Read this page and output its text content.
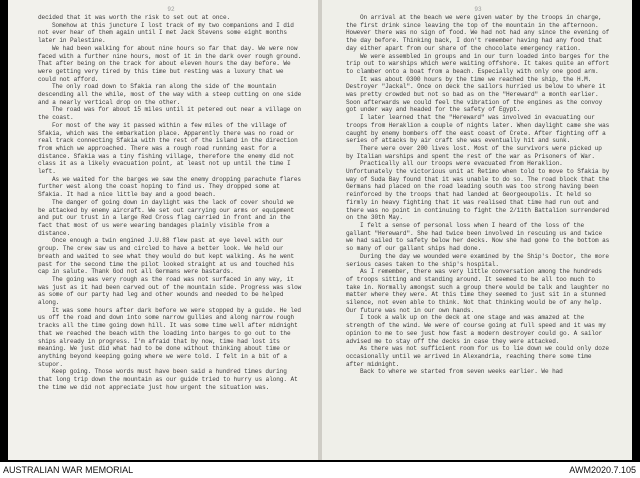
92

decided that it was worth the risk to set out at once.

Somehow at this juncture I lost track of my two companions and I did not ever hear of them again until I met Jack Stevens some eight months later in Palestine.

We had been walking for about nine hours so far that day. We were now faced with a further nine hours, most of it in the dark over rough ground. That after being on the track for about eleven hours the day before. We were getting very tired by this time but resting was a luxury that we could not afford.

The only road down to Sfakia ran along the side of the mountain descending all the while, most of the way with a steep cutting on one side and a nearly vertical drop on the other.

The road was for about 15 miles until it petered out near a village on the coast.

For most of the way it passed within a few miles of the village of Sfakia, which was the embarkation place. Apparently there was no road or real track connecting Sfakia with the rest of the island in the direction from which we approached. There was a rough road running east for a distance. Sfakia was a tiny fishing village, therefore the enemy did not class it as a likely evacuation point, at least not up until the time I left.

As we waited for the barges we saw the enemy dropping parachute flares further west along the coast hoping to find us. They dropped some at Sfakia. It had a nice little bay and a good beach.

The danger of going down in daylight was the lack of cover should we be attacked by enemy aircraft. We set out carrying our arms or equipment and put our trust in a large Red Cross flag carried in front and in the fact that most of us were wearing bandages plainly visible from a distance.

Once enough a twin engined J.U.88 flew past at eye level with our group. The crew saw us and circled to have a better look. We held our breath and waited to see what they would do but kept walking. As he went past for the second time the pilot looked straight at us and touched his cap in salute. Thank God not all Germans were bastards.

The going was very rough as the road was not surfaced in any way, it was just as it had been carved out of the mountain side. Progress was slow as some of our party had leg and other wounds and needed to be helped along.

It was some hours after dark before we were stopped by a guide. He led us off the road and down into some narrow gullies and along narrow rough tracks all the time going down hill. It was some time well after midnight that we reached the beach with the loading into barges to go out to the ships already in progress. I'm afraid that by now, time had lost its meaning. We just did what had to be done without thinking about time or anything beyond keeping going where we were told. I felt in a bit of a stupor.

Keep going. Those words must have been said a hundred times during that long trip down the mountain as our guide tried to hurry us along. At the time we did not appreciate just how urgent the situation was.

93

On arrival at the beach we were given water by the troops in charge, the first drink since leaving the top of the mountain in the afternoon. However there was no sign of food. We had not had any since the evening of the day before. Thinking back, I don't remember having had any food that day either apart from our share of the chocolate emergency ration.

We were assembled in groups and in our turn loaded into barges for the trip out to warships which were waiting offshore. It takes quite an effort to clamber onto a boat from a beach. Especially with only one good arm.

It was about 0300 hours by the time we reached the ship, the H.M. Destroyer "Jackal". Once on deck the sailors hurried us below to where it was pretty crowded but not so bad as on the "Hereward" a month earlier. Soon afterwards we could feel the vibration of the engines as the convoy got under way and headed for the safety of Egypt.

I later learned that the "Hereward" was involved in evacuating our troops from Heraklion a couple of nights later. When daylight came she was caught by enemy bombers off the east coast of Crete. After fighting off a series of attacks by air craft she was eventually hit and sunk.

There were over 200 lives lost. Most of the survivors were picked up by Italian warships and spent the rest of the war as Prisoners of War.

Practically all our troops were evacuated from Heraklion. Unfortunately the victorious unit at Retimo when told to move to Sfakia by way of Suda Bay found that it was unable to do so. The road block that the Germans had placed on the road leading south was too strong having been reinforced by the troops that had landed at Georgeoupolis. It held so firmly in heavy fighting that it was realised that time had run out and there was no point in continuing to fight the 2/11th Battalion surrendered on the 30th May.

I felt a sense of personal loss when I heard of the loss of the gallant "Hereward". She had twice been involved in rescuing us and twice we had sailed to safety below her decks. Now she had gone to the bottom as so many of our gallant ships had done.

During the day we wounded were examined by the Ship's Doctor, the more serious cases taken to the ship's hospital.

As I remember, there was very little conversation among the hundreds of troops sitting and standing around. It seemed to be all too much to take in. Normally amongst such a group there would be talk and laughter no matter where they were. At this time they seemed to just sit in a stunned silence, not even able to think. Not that thinking would be of any help. Our future was not in our own hands.

I took a walk up on the deck at one stage and was amazed at the strength of the wind. We were of course going at full speed and it was my opinion to me to see just how fast a modern destroyer could go. A sailor advised me to stay off the decks in case they were attacked.

As there was not sufficient room for us to lie down we could only doze occasionally until we arrived in Alexandria, reaching there some time after midnight.

Back to where we started from seven weeks earlier. We had

AUSTRALIAN WAR MEMORIAL	AWM2020.7.105
